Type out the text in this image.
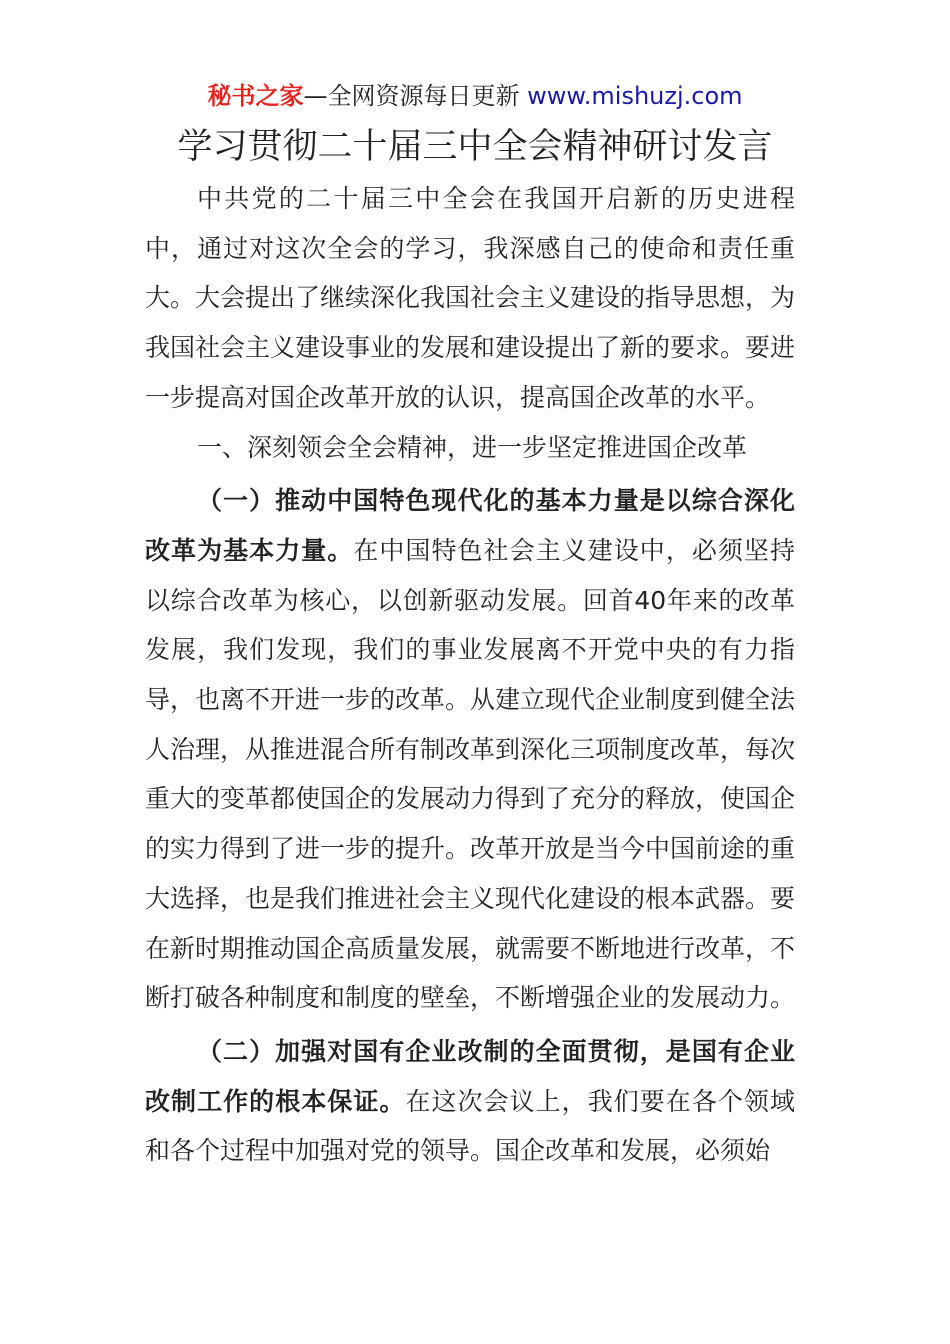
秘书之家—全网资源每日更新 www.mishuzj.com
学习贯彻二十届三中全会精神研讨发言

中共党的二十届三中全会在我国开启新的历史进程中，通过对这次全会的学习，我深感自己的使命和责任重大。大会提出了继续深化我国社会主义建设的指导思想，为我国社会主义建设事业的发展和建设提出了新的要求。要进一步提高对国企改革开放的认识，提高国企改革的水平。

一、深刻领会全会精神，进一步坚定推进国企改革

（一）推动中国特色现代化的基本力量是以综合深化改革为基本力量。在中国特色社会主义建设中，必须坚持以综合改革为核心，以创新驱动发展。回首40年来的改革发展，我们发现，我们的事业发展离不开党中央的有力指导，也离不开进一步的改革。从建立现代企业制度到健全法人治理，从推进混合所有制改革到深化三项制度改革，每次重大的变革都使国企的发展动力得到了充分的释放，使国企的实力得到了进一步的提升。改革开放是当今中国前途的重大选择，也是我们推进社会主义现代化建设的根本武器。要在新时期推动国企高质量发展，就需要不断地进行改革，不断打破各种制度和制度的壁垒，不断增强企业的发展动力。

（二）加强对国有企业改制的全面贯彻，是国有企业改制工作的根本保证。在这次会议上，我们要在各个领域和各个过程中加强对党的领导。国企改革和发展，必须始
